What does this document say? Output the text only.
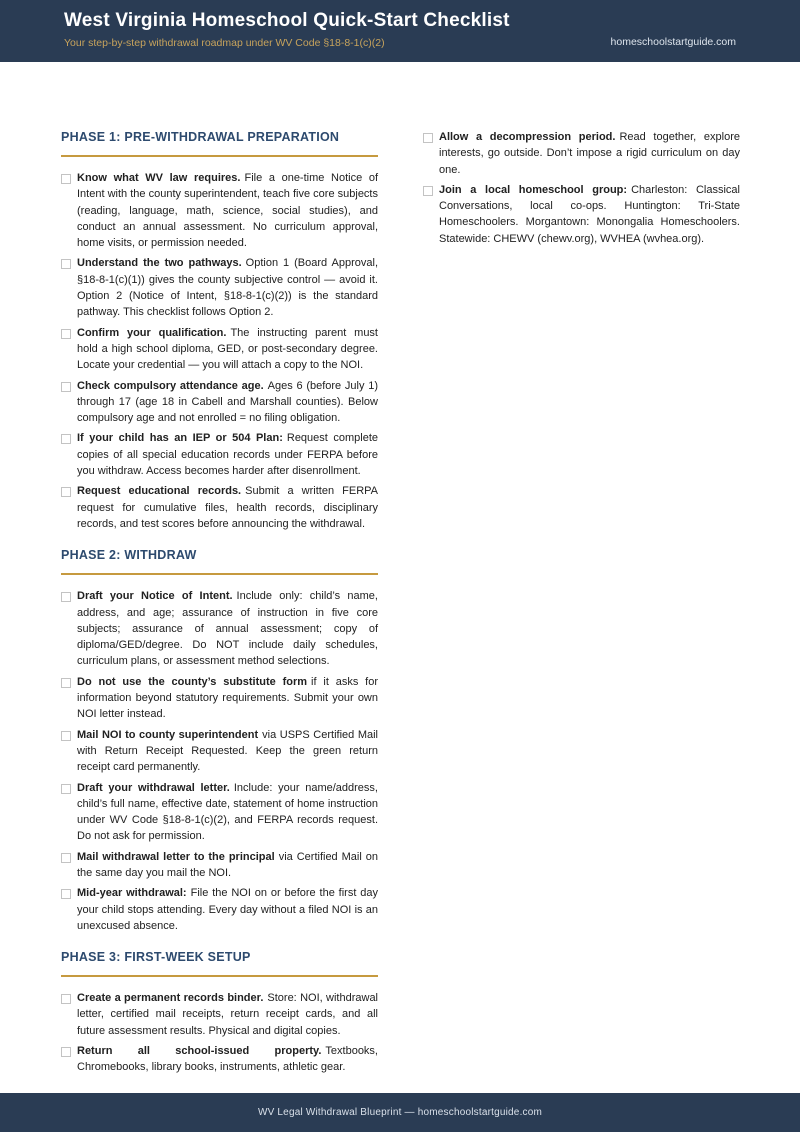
West Virginia Homeschool Quick-Start Checklist
Your step-by-step withdrawal roadmap under WV Code §18-8-1(c)(2)	homeschoolstartguide.com
PHASE 1: PRE-WITHDRAWAL PREPARATION
Know what WV law requires. File a one-time Notice of Intent with the county superintendent, teach five core subjects (reading, language, math, science, social studies), and conduct an annual assessment. No curriculum approval, home visits, or permission needed.
Understand the two pathways. Option 1 (Board Approval, §18-8-1(c)(1)) gives the county subjective control — avoid it. Option 2 (Notice of Intent, §18-8-1(c)(2)) is the standard pathway. This checklist follows Option 2.
Confirm your qualification. The instructing parent must hold a high school diploma, GED, or post-secondary degree. Locate your credential — you will attach a copy to the NOI.
Check compulsory attendance age. Ages 6 (before July 1) through 17 (age 18 in Cabell and Marshall counties). Below compulsory age and not enrolled = no filing obligation.
If your child has an IEP or 504 Plan: Request complete copies of all special education records under FERPA before you withdraw. Access becomes harder after disenrollment.
Request educational records. Submit a written FERPA request for cumulative files, health records, disciplinary records, and test scores before announcing the withdrawal.
PHASE 2: WITHDRAW
Draft your Notice of Intent. Include only: child’s name, address, and age; assurance of instruction in five core subjects; assurance of annual assessment; copy of diploma/GED/degree. Do NOT include daily schedules, curriculum plans, or assessment method selections.
Do not use the county’s substitute form if it asks for information beyond statutory requirements. Submit your own NOI letter instead.
Mail NOI to county superintendent via USPS Certified Mail with Return Receipt Requested. Keep the green return receipt card permanently.
Draft your withdrawal letter. Include: your name/address, child’s full name, effective date, statement of home instruction under WV Code §18-8-1(c)(2), and FERPA records request. Do not ask for permission.
Mail withdrawal letter to the principal via Certified Mail on the same day you mail the NOI.
Mid-year withdrawal: File the NOI on or before the first day your child stops attending. Every day without a filed NOI is an unexcused absence.
PHASE 3: FIRST-WEEK SETUP
Create a permanent records binder. Store: NOI, withdrawal letter, certified mail receipts, return receipt cards, and all future assessment results. Physical and digital copies.
Return all school-issued property. Textbooks, Chromebooks, library books, instruments, athletic gear.
Allow a decompression period. Read together, explore interests, go outside. Don’t impose a rigid curriculum on day one.
Join a local homeschool group: Charleston: Classical Conversations, local co-ops. Huntington: Tri-State Homeschoolers. Morgantown: Monongalia Homeschoolers. Statewide: CHEWV (chewv.org), WVHEA (wvhea.org).
WV Legal Withdrawal Blueprint — homeschoolstartguide.com
